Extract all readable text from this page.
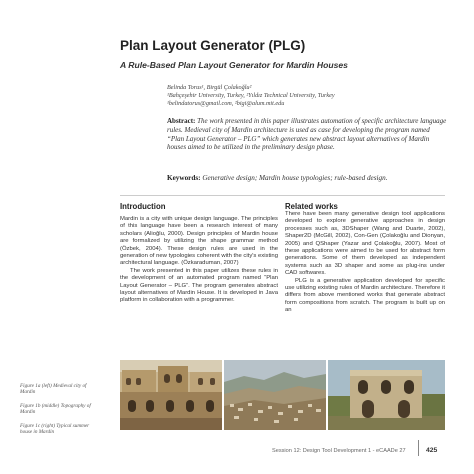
Plan Layout Generator (PLG)
A Rule-Based Plan Layout Generator for Mardin Houses
Belinda Torus¹, Birgül Çolakoğlu²
¹Bahçeşehir University, Turkey, ²Yıldız Technical University, Turkey
¹belindatorus@gmail.com, ²bigi@alum.mit.edu
Abstract: The work presented in this paper illustrates automation of specific architecture language rules. Medieval city of Mardin architecture is used as case for developing the program named “Plan Layout Generator – PLG” which generates new abstract layout alternatives of Mardin houses aimed to be utilized in the preliminary design phase.
Keywords: Generative design; Mardin house typologies; rule-based design.
Introduction

Mardin is a city with unique design language. The principles of this language have been a research interest of many scholars (Alioğlu, 2000). Design principles of Mardin house are formalized by utilizing the shape grammar method (Özbek, 2004). These design rules are used in the generation of new typologies coherent with the city's existing architectural language. (Özkaraduman, 2007)

The work presented in this paper utilizes these rules in the development of an automated program named “Plan Layout Generator – PLG”. The program generates abstract layout alternatives of Mardin House. It is developed in Java platform in collaboration with a programmer.

Related works

There have been many generative design tool applications developed to explore generative approaches in design processes such as, 3DShaper (Wang and Duarte, 2002), Shaper2D (McGill, 2002), Con-Gen (Çolakoğlu and Dionyan, 2005) and QShaper (Yazar and Çolakoğlu, 2007). Most of these applications were aimed to be used for abstract form generations. Some of them developed as independent systems such as 3D shaper and some as plug-ins under CAD softwares.

PLG is a generative application developed for specific use utilizing existing rules of Mardin architecture. Therefore it differs from above mentioned works that generate abstract form compositions from scratch. The program is built up on an

Figure 1a (left) Medieval city of Mardin
Figure 1b (middle) Topography of Mardin
Figure 1c (right) Typical summer house in Mardin
Session 12: Design Tool Development 1 - eCAADe 27	425
